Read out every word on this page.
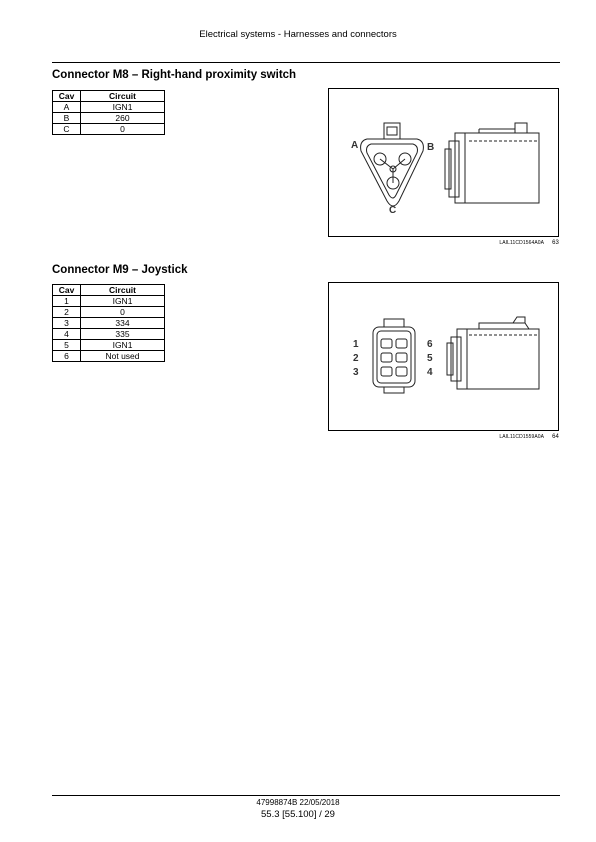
Electrical systems - Harnesses and connectors
Connector M8 – Right-hand proximity switch
Cav	Circuit
A	IGN1
B	260
C	0
A	B
C
LAIL11CD1564A0A 63
Connector M9 – Joystick
Cav	Circuit
1	IGN1
2	0
3	334
4	335
5	IGN1
6	Not used
1
2
3
6
5
4
LAIL11CD1559A0A 64
47998874B 22/05/2018
55.3 [55.100] / 29
